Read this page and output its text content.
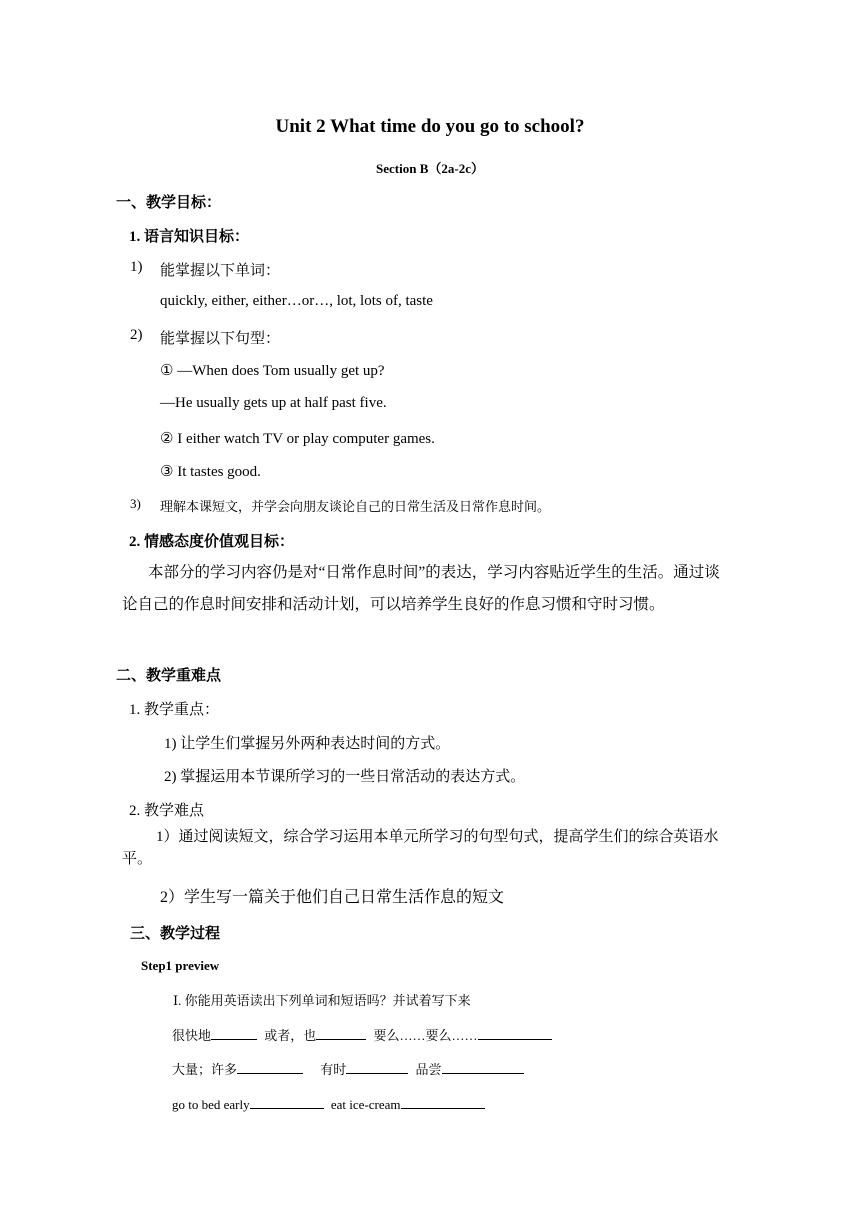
Unit 2 What time do you go to school?
Section B（2a-2c）
一、教学目标：
1. 语言知识目标：
1) 能掌握以下单词：
quickly, either, either…or…, lot, lots of, taste
2) 能掌握以下句型：
① —When does Tom usually get up?
—He usually gets up at half past five.
② I either watch TV or play computer games.
③ It tastes good.
3) 理解本课短文，并学会向朋友谈论自己的日常生活及日常作息时间。
2. 情感态度价值观目标：
本部分的学习内容仍是对“日常作息时间”的表达，学习内容贴近学生的生活。通过谈论自己的作息时间安排和活动计划，可以培养学生良好的作息习惯和守时习惯。
二、教学重难点
1. 教学重点：
1) 让学生们掌握另外两种表达时间的方式。
2) 掌握运用本节课所学习的一些日常活动的表达方式。
2. 教学难点
1）通过阅读短文，综合学习运用本单元所学习的句型句式，提高学生们的综合英语水平。
2）学生写一篇关于他们自己日常生活作息的短文
三、教学过程
Step1 preview
Ⅰ. 你能用英语读出下列单词和短语吗？并试着写下来
很快地	或者，也	要么……要么……
大量；许多	有时	品尝
go to bed early	eat ice-cream
